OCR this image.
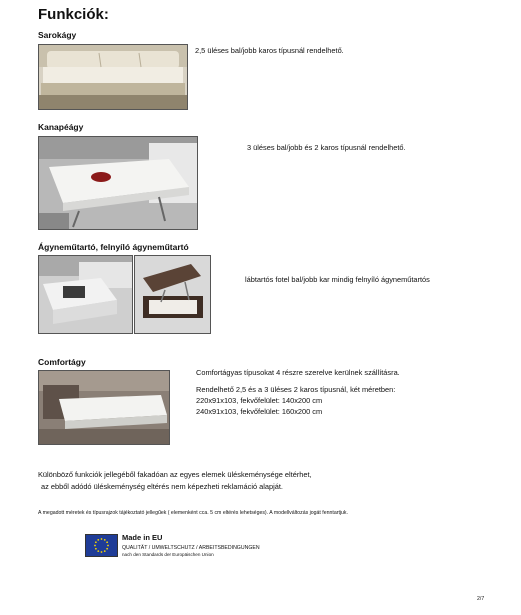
Funkciók:
Sarokágy
2,5 üléses bal/jobb karos típusnál rendelhető.
Kanapéágy
3 üléses bal/jobb és 2 karos típusnál rendelhető.
Ágyneműtartó, felnyíló ágyneműtartó
lábtartós fotel bal/jobb kar mindig felnyíló ágyneműtartós
Comfortágy
Comfortágyas típusokat 4 részre szerelve kerülnek szállításra.
Rendelhető 2,5 és a 3 üléses 2 karos típusnál, két méretben:
220x91x103, fekvőfelület: 140x200 cm
240x91x103, fekvőfelület: 160x200 cm
Különböző funkciók jellegéből fakadóan az egyes elemek üléskeménysége eltérhet,
az ebből adódó üléskeménység eltérés nem képezheti reklamáció alapját.
A megadott méretek és típusrajzok tájékoztató jellegűek ( elemenként cca. 5 cm eltérés lehetséges). A modellváltozás jogát fenntartjuk.
Made in EU
QUALITÄT / UMWELTSCHUTZ / ARBEITSBEDINGUNGEN
nach den Standards der Europäischen Union
2/7
